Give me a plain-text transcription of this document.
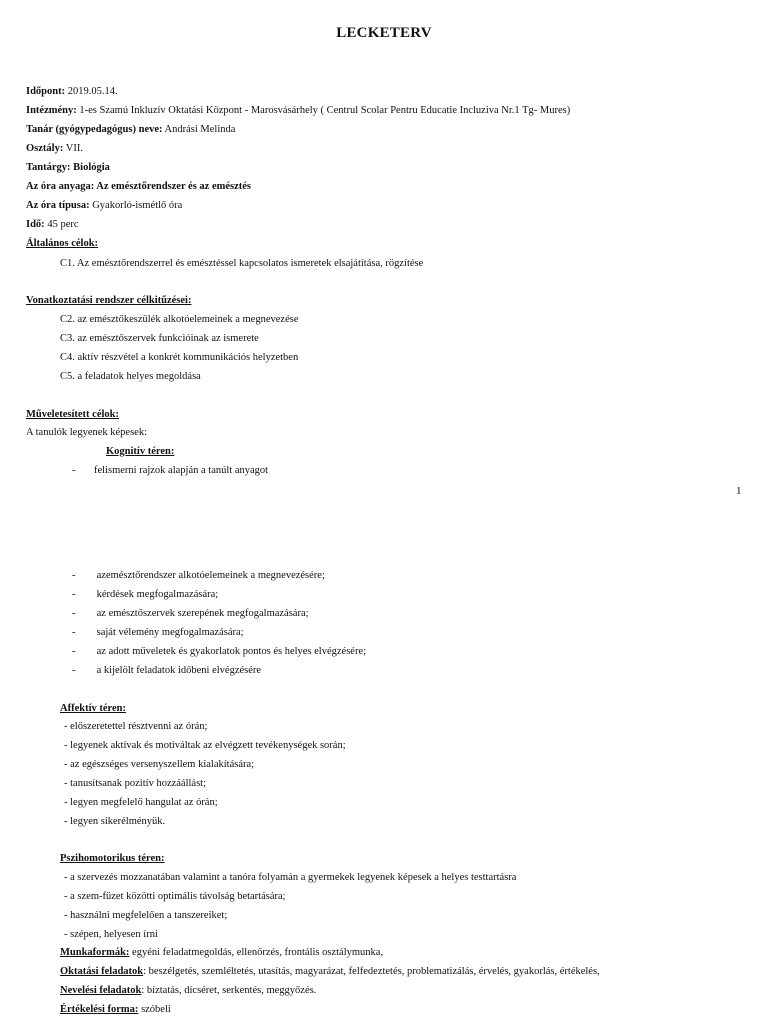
LECKETERV
Időpont: 2019.05.14.
Intézmény: 1-es Szamú Inkluzív Oktatási Központ - Marosvásárhely ( Centrul Scolar Pentru Educatie Incluziva Nr.1 Tg- Mures)
Tanár (gyógypedagógus) neve: Andrási Melinda
Osztály: VII.
Tantárgy: Biológia
Az óra anyaga: Az emésztőrendszer és az emésztés
Az óra típusa: Gyakorló-ismétlő óra
Idő: 45 perc
Általános célok:
C1. Az emésztőrendszerrel és emésztéssel kapcsolatos ismeretek elsajátítása, rögzítése
Vonatkoztatási rendszer célkitűzései:
C2. az emésztőkeszülék alkotóelemeinek a megnevezése
C3. az emésztőszervek funkcióinak az ismerete
C4. aktív részvétel a konkrét kommunikációs helyzetben
C5. a feladatok helyes megoldása
Műveletesített célok:
A tanulók legyenek képesek:
Kognitív téren:
- felismerni rajzok alapján a tanúlt anyagot
1
- azemésztőrendszer alkotóelemeinek a megnevezésére;
- kérdések megfogalmazására;
- az emésztőszervek szerepének megfogalmazására;
- saját vélemény megfogalmazására;
- az adott műveletek és gyakorlatok pontos és helyes elvégzésére;
- a kijelölt feladatok időbeni elvégzésére
Affektív téren:
- előszeretettel résztvenni az órán;
- legyenek aktívak és motiváltak az elvégzett tevékenységek során;
- az egészséges versenyszellem kialakítására;
- tanusítsanak pozitív hozzáállást;
- legyen megfelelő hangulat az órán;
- legyen sikerélményük.
Pszihomotorikus téren:
- a szervezés mozzanatában valamint a tanóra folyamán a gyermekek legyenek képesek a helyes testtartásra
- a szem-füzet közötti optimális távolság betartására;
- használni megfelelően a tanszereiket;
- szépen, helyesen írni
Munkaformák: egyéni feladatmegoldás, ellenőrzés, frontális osztálymunka,
Oktatási feladatok: beszélgetés, szemléltetés, utasítás, magyarázat, felfedeztetés, problematizálás, érvelés, gyakorlás, értékelés,
Nevelési feladatok: bíztatás, dícséret, serkentés, meggyőzés.
Értékelési forma: szóbeli
